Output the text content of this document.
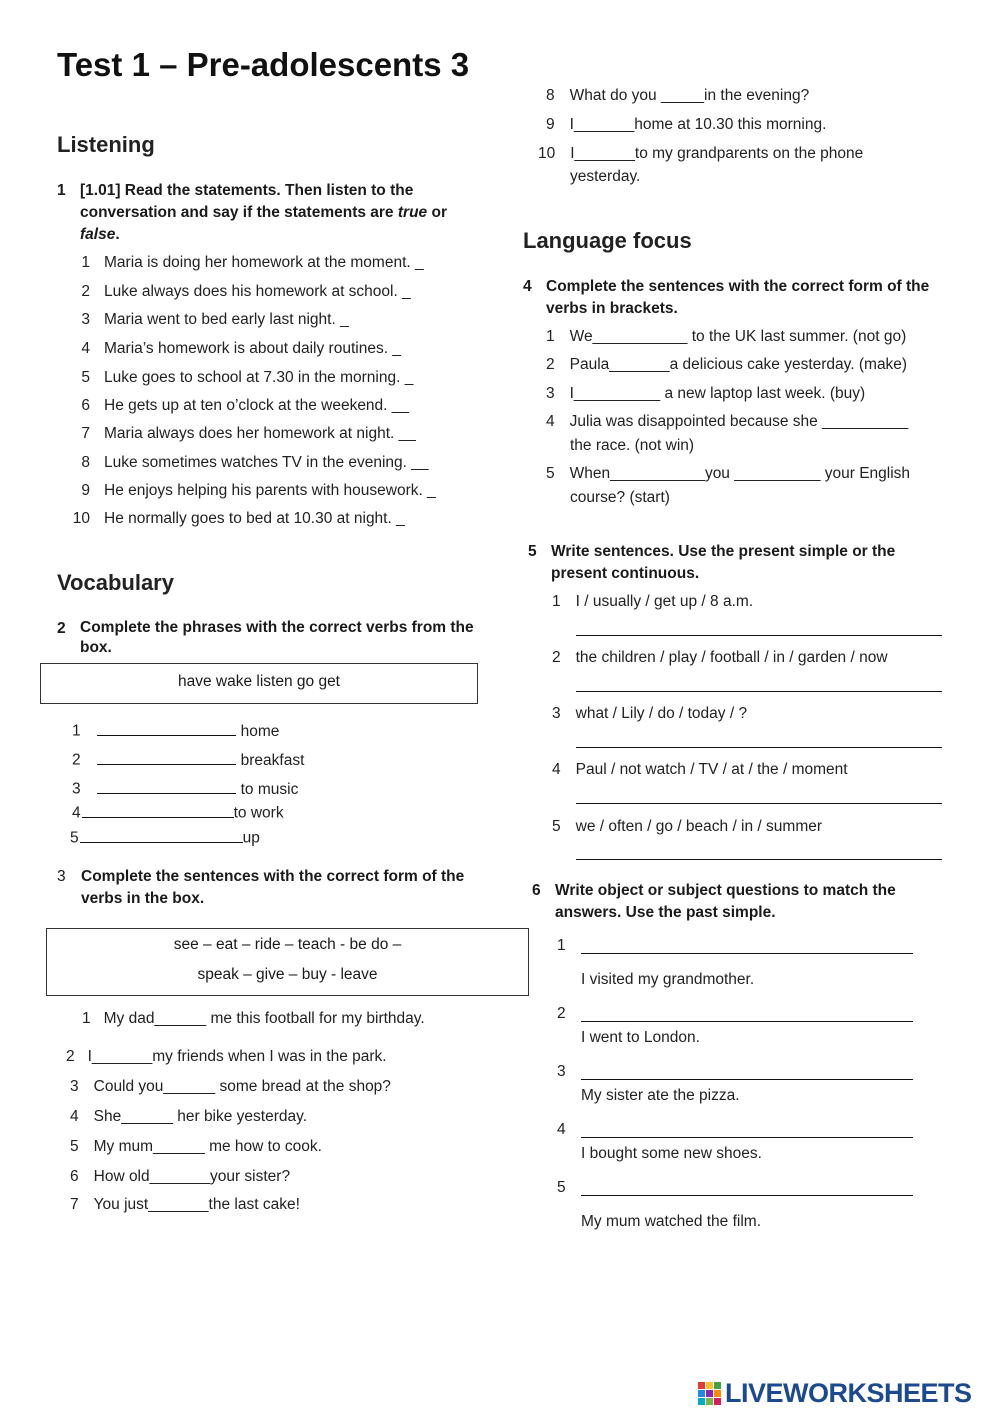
Test 1 – Pre-adolescents 3
Listening
1 [1.01] Read the statements. Then listen to the conversation and say if the statements are true or false.
1 Maria is doing her homework at the moment. _
2 Luke always does his homework at school. _
3 Maria went to bed early last night. _
4 Maria’s homework is about daily routines. _
5 Luke goes to school at 7.30 in the morning. _
6 He gets up at ten o’clock at the weekend. __
7 Maria always does her homework at night. __
8 Luke sometimes watches TV in the evening. __
9 He enjoys helping his parents with housework. _
10 He normally goes to bed at 10.30 at night. _
Vocabulary
2 Complete the phrases with the correct verbs from the box.
have wake listen go get
1	home
2	breakfast
3	to music
4	to work
5	up
3 Complete the sentences with the correct form of the verbs in the box.
see – eat – ride – teach - be do –
speak – give – buy - leave
1 My dad______ me this football for my birthday.
2 I_______my friends when I was in the park.
3 Could you______ some bread at the shop?
4 She______ her bike yesterday.
5 My mum______ me how to cook.
6 How old_______your sister?
7 You just_______the last cake!
8 What do you _____in the evening?
9 I_______home at 10.30 this morning.
10 I_______to my grandparents on the phone
yesterday.
Language focus
4 Complete the sentences with the correct form of the verbs in brackets.
1 We___________ to the UK last summer. (not go)
2 Paula_______a delicious cake yesterday. (make)
3 I__________ a new laptop last week. (buy)
4 Julia was disappointed because she __________
the race. (not win)
5 When___________you __________ your English
course? (start)
5 Write sentences. Use the present simple or the present continuous.
1 I / usually / get up / 8 a.m.
2 the children / play / football / in / garden / now
3 what / Lily / do / today / ?
4 Paul / not watch / TV / at / the / moment
5 we / often / go / beach / in / summer
6 Write object or subject questions to match the answers. Use the past simple.
1
I visited my grandmother.
2
I went to London.
3
My sister ate the pizza.
4
I bought some new shoes.
5
My mum watched the film.
LIVEWORKSHEETS
